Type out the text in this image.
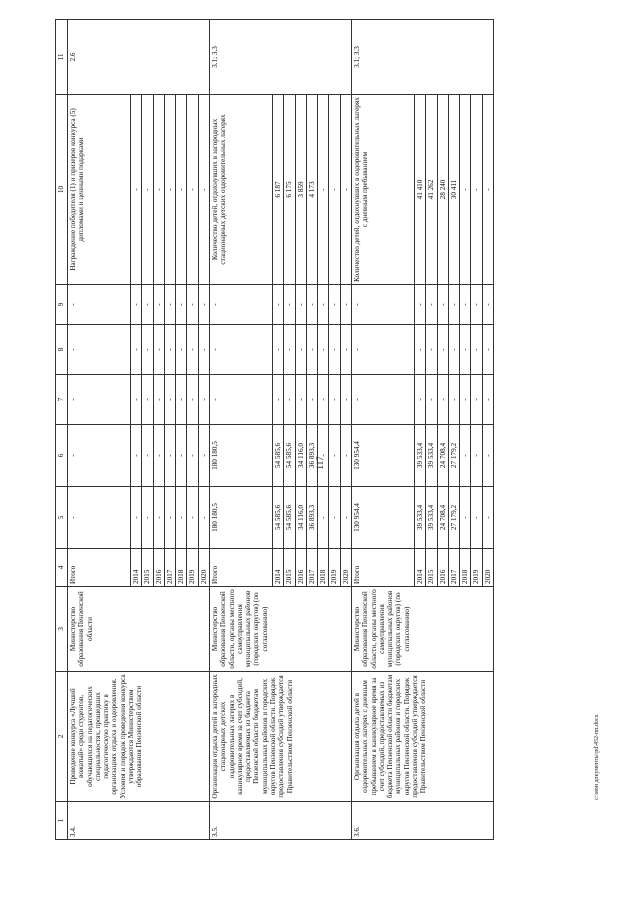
117
1	2	3	4	5	6	7	8	9	10	11
3.4.	Проведение конкурса «Лучший вожатый» среди студентов, обучающихся на педагогических специальностях, прошедших педагогическую практику в организациях отдыха и оздоровления. Условия и порядок проведения конкурса утверждаются Министерством образования Пензенской области	Министерство образования Пензенской области	Итого	-	-	-	-	-	Награждение победителя (1) и призеров конкурса (5) дипломами и ценными подарками	2.6
			2014	-	-	-	-	-	-	
			2015	-	-	-	-	-	-	
			2016	-	-	-	-	-	-	
			2017	-	-	-	-	-	-	
			2018	-	-	-	-	-	-	
			2019	-	-	-	-	-	-	
			2020	-	-	-	-	-	-	
3.5.	Организация отдыха детей в загородных стационарных детских оздоровительных лагерях в каникулярное время за счет субсидий, предоставляемых из бюджета Пензенской области бюджетам муниципальных районов и городских округов Пензенской области. Порядок предоставления субсидий утверждается Правительством Пензенской области	Министерство образования Пензенской области, органы местного самоуправления муниципальных районов (городских округов) (по согласованию)	Итого	180 180,5	180 180,5	-	-	-	Количество детей, отдохнувших в загородных стационарных детских оздоровительных лагерях	3.1; 3.3
			2014	54 585,6	54 585,6	-	-	-	6 187	
			2015	54 585,6	54 585,6	-	-	-	6 175	
			2016	34 116,0	34 116,0	-	-	-	3 859	
			2017	36 893,3	36 893,3	-	-	-	4 173	
			2018	-	-	-	-	-	-	
			2019	-	-	-	-	-	-	
			2020	-	-	-	-	-	-	
3.6.	Организация отдыха детей в оздоровительных лагерях с дневным пребыванием в каникулярное время за счет субсидий, предоставляемых из бюджета Пензенской области бюджетам муниципальных районов и городских округов Пензенской области. Порядок предоставления субсидий утверждается Правительством Пензенской области	Министерство образования Пензенской области, органы местного самоуправления муниципальных районов (городских округов) (по согласованию)	Итого	130 954,4	130 954,4	-	-	-	Количество детей, отдохнувших в оздоровительных лагерях с дневным пребыванием	3.1; 3.3
			2014	39 533,4	39 533,4	-	-	-	41 410	
			2015	39 533,4	39 533,4	-	-	-	41 262	
			2016	24 708,4	24 708,4	-	-	-	28 240	
			2017	27 179,2	27 179,2	-	-	-	30 411	
			2018	-	-	-	-	-	-	
			2019	-	-	-	-	-	-	
			2020	-	-	-	-	-	-	
c:\мои документы\pd\452-пп.docx
